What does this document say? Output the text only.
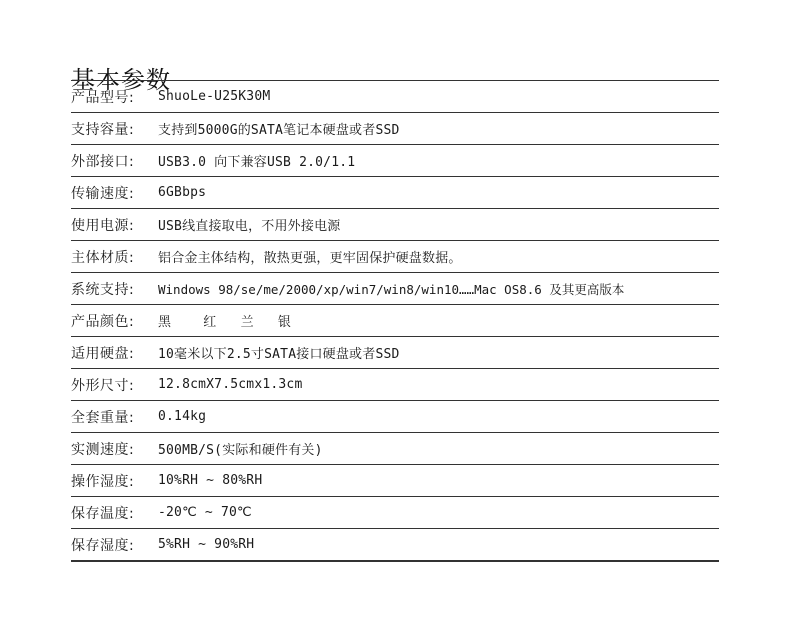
基本参数
产品型号:	ShuoLe-U25K30M
支持容量:	支持到5000G的SATA笔记本硬盘或者SSD
外部接口:	USB3.0 向下兼容USB 2.0/1.1
传输速度:	6GBbps
使用电源:	USB线直接取电，不用外接电源
主体材质:	铝合金主体结构，散热更强，更牢固保护硬盘数据。
系统支持:	Windows 98/se/me/2000/xp/win7/win8/win10……Mac OS8.6 及其更高版本
产品颜色:	黑    红   兰   银
适用硬盘:	10毫米以下2.5寸SATA接口硬盘或者SSD
外形尺寸:	12.8cmX7.5cmx1.3cm
全套重量:	0.14kg
实测速度:	500MB/S(实际和硬件有关)
操作湿度:	10%RH ~ 80%RH
保存温度:	-20℃ ~ 70℃
保存湿度:	5%RH ~ 90%RH
